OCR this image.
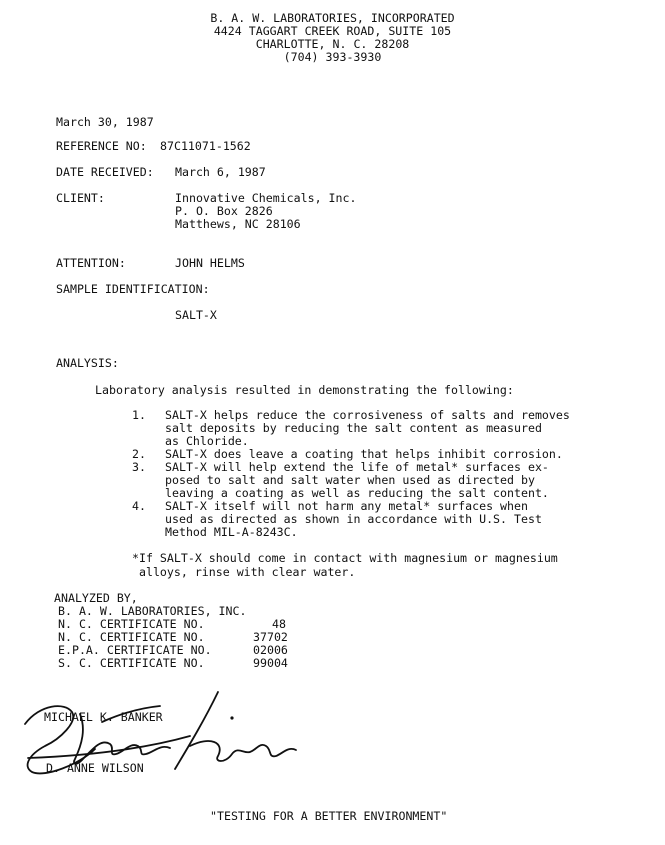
B. A. W. LABORATORIES, INCORPORATED
4424 TAGGART CREEK ROAD, SUITE 105
CHARLOTTE, N. C. 28208
(704) 393-3930
March 30, 1987
REFERENCE NO: 87C11071-1562
DATE RECEIVED: March 6, 1987
CLIENT:	Innovative Chemicals, Inc.
P. O. Box 2826
Matthews, NC 28106
ATTENTION:	JOHN HELMS
SAMPLE IDENTIFICATION:
SALT-X
ANALYSIS:
Laboratory analysis resulted in demonstrating the following:
1. SALT-X helps reduce the corrosiveness of salts and removes
salt deposits by reducing the salt content as measured
as Chloride.
2. SALT-X does leave a coating that helps inhibit corrosion.
3. SALT-X will help extend the life of metal* surfaces ex-
posed to salt and salt water when used as directed by
leaving a coating as well as reducing the salt content.
4. SALT-X itself will not harm any metal* surfaces when
used as directed as shown in accordance with U.S. Test
Method MIL-A-8243C.
*If SALT-X should come in contact with magnesium or magnesium
alloys, rinse with clear water.
ANALYZED BY,
B. A. W. LABORATORIES, INC.
N. C. CERTIFICATE NO.	48
N. C. CERTIFICATE NO.	37702
E.P.A. CERTIFICATE NO.	02006
S. C. CERTIFICATE NO.	99004
MICHAEL K. BANKER
D. ANNE WILSON
"TESTING FOR A BETTER ENVIRONMENT"
